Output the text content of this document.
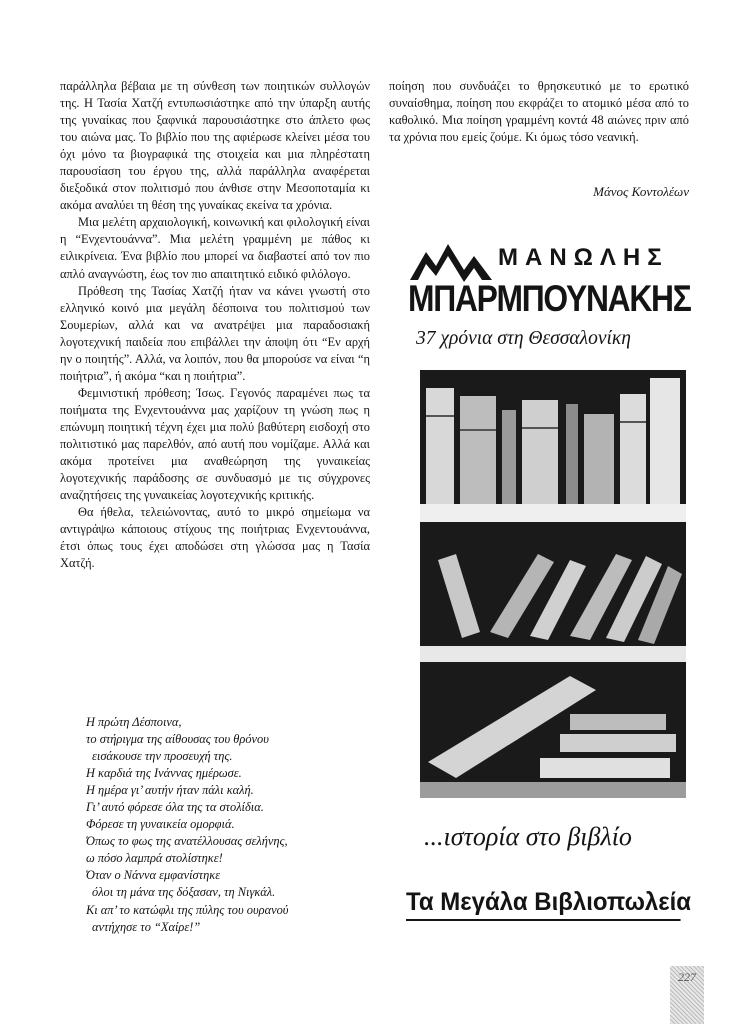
παράλληλα βέβαια με τη σύνθεση των ποιητικών συλλογών της. Η Τασία Χατζή εντυπωσιάστηκε από την ύπαρξη αυτής της γυναίκας που ξαφνικά παρουσιάστηκε στο άπλετο φως του αιώνα μας. Το βιβλίο που της αφιέρωσε κλείνει μέσα του όχι μόνο τα βιογραφικά της στοιχεία και μια πληρέστατη παρουσίαση του έργου της, αλλά παράλληλα αναφέρεται διεξοδικά στον πολιτισμό που άνθισε στην Μεσοποταμία κι ακόμα αναλύει τη θέση της γυναίκας εκείνα τα χρόνια.

Μια μελέτη αρχαιολογική, κοινωνική και φιλολογική είναι η “Ενχεντουάννα”. Μια μελέτη γραμμένη με πάθος κι ειλικρίνεια. Ένα βιβλίο που μπορεί να διαβαστεί από τον πιο απλό αναγνώστη, έως τον πιο απαιτητικό ειδικό φιλόλογο.

Πρόθεση της Τασίας Χατζή ήταν να κάνει γνωστή στο ελληνικό κοινό μια μεγάλη δέσποινα του πολιτισμού των Σουμερίων, αλλά και να ανατρέψει μια παραδοσιακή λογοτεχνική παιδεία που επιβάλλει την άποψη ότι “Εν αρχή ην ο ποιητής”. Αλλά, να λοιπόν, που θα μπορούσε να είναι “η ποιήτρια”, ή ακόμα “και η ποιήτρια”.

Φεμινιστική πρόθεση; Ίσως. Γεγονός παραμένει πως τα ποιήματα της Ενχεντουάννα μας χαρίζουν τη γνώση πως η επώνυμη ποιητική τέχνη έχει μια πολύ βαθύτερη εισδοχή στο πολιτιστικό μας παρελθόν, από αυτή που νομίζαμε. Αλλά και ακόμα προτείνει μια αναθεώρηση της γυναικείας λογοτεχνικής παράδοσης σε συνδυασμό με τις σύγχρονες αναζητήσεις της γυναικείας λογοτεχνικής κριτικής.

Θα ήθελα, τελειώνοντας, αυτό το μικρό σημείωμα να αντιγράψω κάποιους στίχους της ποιήτριας Ενχεντουάννα, έτσι όπως τους έχει αποδώσει στη γλώσσα μας η Τασία Χατζή.

Η πρώτη Δέσποινα,
το στήριγμα της αίθουσας του θρόνου
εισάκουσε την προσευχή της.
Η καρδιά της Ινάννας ημέρωσε.
Η ημέρα γι’ αυτήν ήταν πάλι καλή.
Γι’ αυτό φόρεσε όλα της τα στολίδια.
Φόρεσε τη γυναικεία ομορφιά.
Όπως το φως της ανατέλλουσας σελήνης,
ω πόσο λαμπρά στολίστηκε!
Όταν ο Νάννα εμφανίστηκε
όλοι τη μάνα της δόξασαν, τη Νιγκάλ.
Κι απ’ το κατώφλι της πύλης του ουρανού
αντήχησε το “Χαίρε!”

ποίηση που συνδυάζει το θρησκευτικό με το ερωτικό συναίσθημα, ποίηση που εκφράζει το ατομικό μέσα από το καθολικό. Μια ποίηση γραμμένη κοντά 48 αιώνες πριν από τα χρόνια που εμείς ζούμε. Κι όμως τόσο νεανική.

Μάνος Κοντολέων
ΜΑΝΩΛΗΣ
ΜΠΑΡΜΠΟΥΝΑΚΗΣ
37 χρόνια στη Θεσσαλονίκη
...ιστορία στο βιβλίο
Τα Μεγάλα Βιβλιοπωλεία
227
